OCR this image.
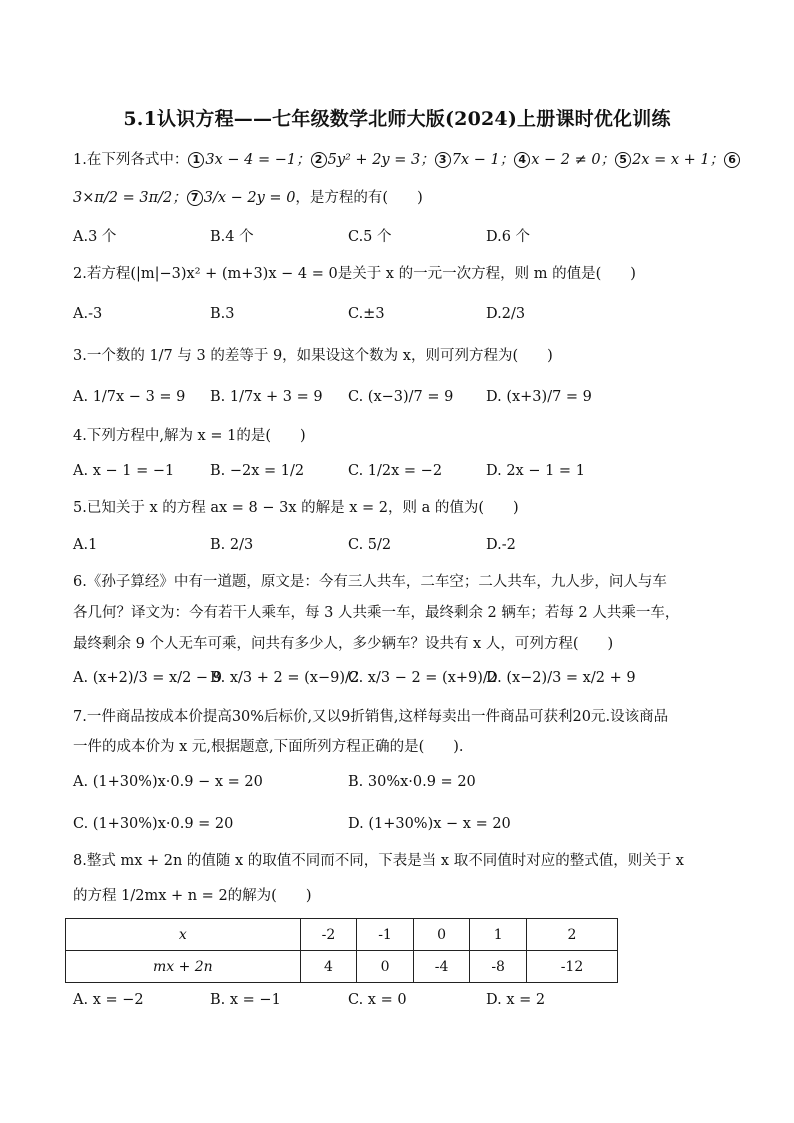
5.1认识方程——七年级数学北师大版(2024)上册课时优化训练
1.在下列各式中： 1 3x − 4 = −1； 2 5y² + 2y = 3； 3 7x − 1； 4 x − 2 ≠ 0； 5 2x = x + 1； 6
3×π/2 = 3π/2； 7 3/x − 2y = 0，是方程的有(　　)
A.3 个	B.4 个	C.5 个	D.6 个
2.若方程(|m|−3)x² + (m+3)x − 4 = 0是关于 x 的一元一次方程，则 m 的值是(　　)
A.-3	B.3	C.±3	D.2/3
3.一个数的 1/7 与 3 的差等于 9，如果设这个数为 x，则可列方程为(　　)
A. 1/7x − 3 = 9 B. 1/7x + 3 = 9 C. (x−3)/7 = 9 D. (x+3)/7 = 9
4.下列方程中,解为 x = 1的是(　　)
A. x − 1 = −1 B. −2x = 1/2	C. 1/2x = −2	D. 2x − 1 = 1
5.已知关于 x 的方程 ax = 8 − 3x 的解是 x = 2，则 a 的值为(　　)
A.1	B. 2/3	C. 5/2	D.-2
6.《孙子算经》中有一道题，原文是：今有三人共车，二车空；二人共车，九人步，问人与车
各几何？译文为：今有若干人乘车，每 3 人共乘一车，最终剩余 2 辆车；若每 2 人共乘一车，
最终剩余 9 个人无车可乘，问共有多少人，多少辆车？设共有 x 人，可列方程(　　)
A. (x+2)/3 = x/2 − 9
B. x/3 + 2 = (x−9)/2
C. x/3 − 2 = (x+9)/2
D. (x−2)/3 = x/2 + 9
7.一件商品按成本价提高30%后标价,又以9折销售,这样每卖出一件商品可获利20元.设该商品
一件的成本价为 x 元,根据题意,下面所列方程正确的是(　　).
A. (1+30%)x·0.9 − x = 20	B. 30%x·0.9 = 20
C. (1+30%)x·0.9 = 20	D. (1+30%)x − x = 20
8.整式 mx + 2n 的值随 x 的取值不同而不同，下表是当 x 取不同值时对应的整式值，则关于 x
的方程 1/2mx + n = 2的解为(　　)
x	-2	-1	0	1	2
mx + 2n	4	0	-4	-8	-12
A. x = −2	B. x = −1	C. x = 0	D. x = 2
